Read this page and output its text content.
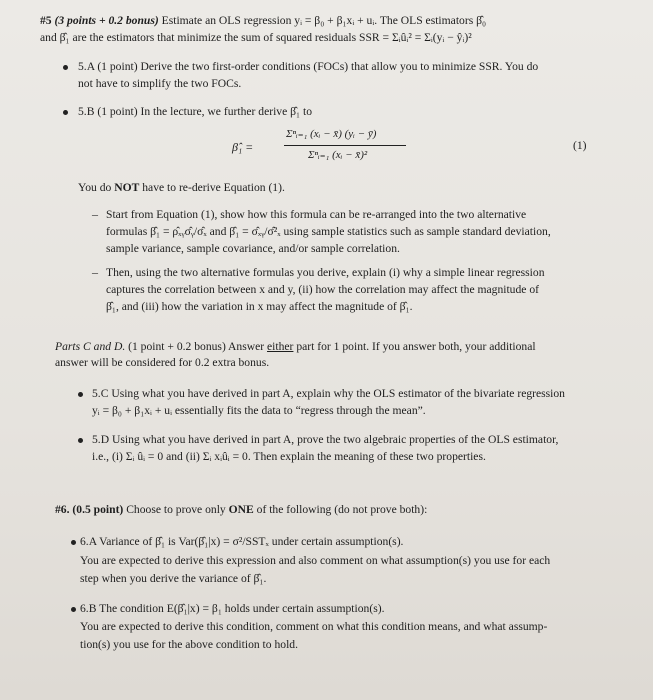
#5 (3 points + 0.2 bonus) Estimate an OLS regression yᵢ = β₀ + β₁xᵢ + uᵢ. The OLS estimators β̂₀
and β̂₁ are the estimators that minimize the sum of squared residuals SSR = Σᵢûᵢ² = Σᵢ(yᵢ − ŷᵢ)²
5.A (1 point) Derive the two first-order conditions (FOCs) that allow you to minimize SSR. You do
not have to simplify the two FOCs.
5.B (1 point) In the lecture, we further derive β̂₁ to
β̂₁ =
Σⁿᵢ₌₁ (xᵢ − x̄) (yᵢ − ȳ)
Σⁿᵢ₌₁ (xᵢ − x̄)²
(1)
You do NOT have to re-derive Equation (1).
– Start from Equation (1), show how this formula can be re-arranged into the two alternative
formulas β̂₁ = ρ̂ₓᵧσ̂ᵧ/σ̂ₓ and β̂₁ = σ̂ₓᵧ/σ̂²ₓ using sample statistics such as sample standard deviation,
sample variance, sample covariance, and/or sample correlation.
– Then, using the two alternative formulas you derive, explain (i) why a simple linear regression
captures the correlation between x and y, (ii) how the correlation may affect the magnitude of
β̂₁, and (iii) how the variation in x may affect the magnitude of β̂₁.
Parts C and D. (1 point + 0.2 bonus) Answer either part for 1 point. If you answer both, your additional
answer will be considered for 0.2 extra bonus.
5.C Using what you have derived in part A, explain why the OLS estimator of the bivariate regression
yᵢ = β₀ + β₁xᵢ + uᵢ essentially fits the data to “regress through the mean”.
5.D Using what you have derived in part A, prove the two algebraic properties of the OLS estimator,
i.e., (i) Σᵢ ûᵢ = 0 and (ii) Σᵢ xᵢûᵢ = 0. Then explain the meaning of these two properties.
#6. (0.5 point) Choose to prove only ONE of the following (do not prove both):
6.A Variance of β̂₁ is Var(β̂₁|x) = σ²/SSTₓ under certain assumption(s).
You are expected to derive this expression and also comment on what assumption(s) you use for each
step when you derive the variance of β̂₁.
6.B The condition E(β̂₁|x) = β₁ holds under certain assumption(s).
You are expected to derive this condition, comment on what this condition means, and what assump-
tion(s) you use for the above condition to hold.
